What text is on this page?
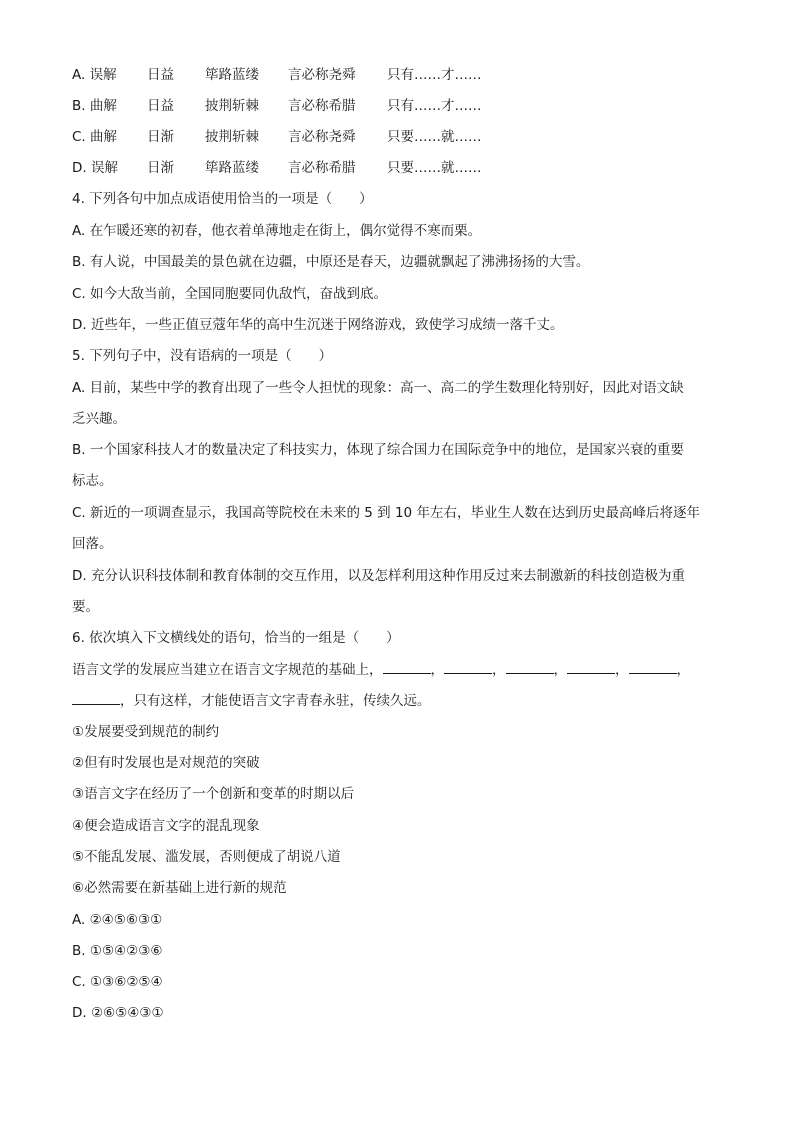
A. 误解 日益 筚路蓝缕 言必称尧舜 只有……才……
B. 曲解 日益 披荆斩棘 言必称希腊 只有……才……
C. 曲解 日渐 披荆斩棘 言必称尧舜 只要……就……
D. 误解 日渐 筚路蓝缕 言必称希腊 只要……就……
4. 下列各句中加点成语使用恰当的一项是（　　）
A. 在乍暖还寒的初春，他衣着单薄地走在街上，偶尔觉得不寒而栗。
B. 有人说，中国最美的景色就在边疆，中原还是春天，边疆就飘起了沸沸扬扬的大雪。
C. 如今大敌当前，全国同胞要同仇敌忾，奋战到底。
D. 近些年，一些正值豆蔻年华的高中生沉迷于网络游戏，致使学习成绩一落千丈。
5. 下列句子中，没有语病的一项是（　　）
A. 目前，某些中学的教育出现了一些令人担忧的现象：高一、高二的学生数理化特别好，因此对语文缺
乏兴趣。
B. 一个国家科技人才的数量决定了科技实力，体现了综合国力在国际竞争中的地位，是国家兴衰的重要
标志。
C. 新近的一项调查显示，我国高等院校在未来的 5 到 10 年左右，毕业生人数在达到历史最高峰后将逐年
回落。
D. 充分认识科技体制和教育体制的交互作用，以及怎样利用这种作用反过来去制激新的科技创造极为重
要。
6. 依次填入下文横线处的语句，恰当的一组是（　　）
语言文学的发展应当建立在语言文字规范的基础上，	，	，	，	，	，
，只有这样，才能使语言文字青春永驻，传续久远。
①发展要受到规范的制约
②但有时发展也是对规范的突破
③语言文字在经历了一个创新和变革的时期以后
④便会造成语言文字的混乱现象
⑤不能乱发展、滥发展，否则便成了胡说八道
⑥必然需要在新基础上进行新的规范
A. ②④⑤⑥③①
B. ①⑤④②③⑥
C. ①③⑥②⑤④
D. ②⑥⑤④③①
